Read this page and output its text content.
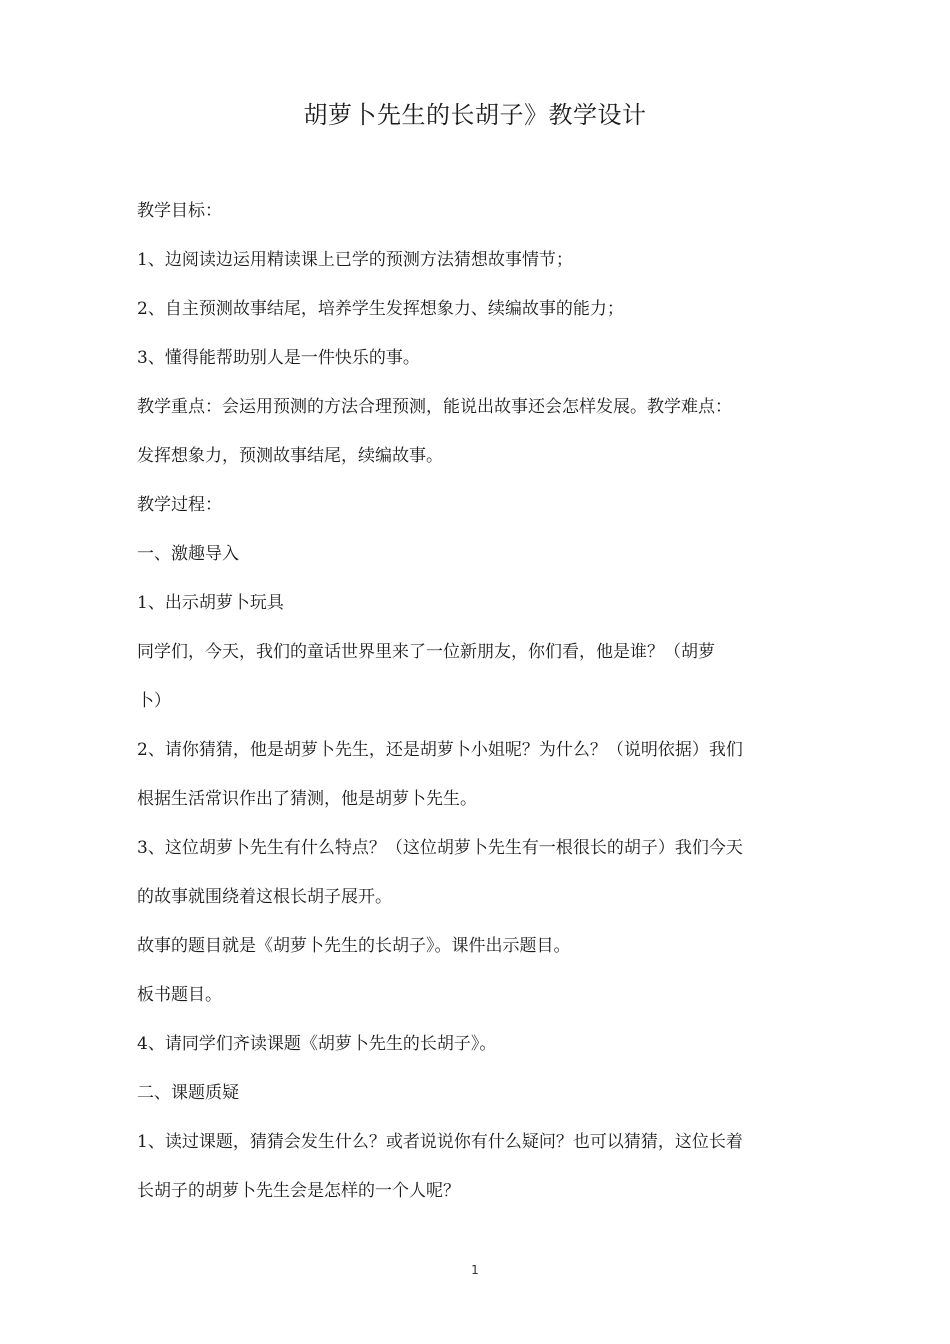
胡萝卜先生的长胡子》教学设计
教学目标：
1、边阅读边运用精读课上已学的预测方法猜想故事情节；
2、自主预测故事结尾，培养学生发挥想象力、续编故事的能力；
3、懂得能帮助别人是一件快乐的事。
教学重点：会运用预测的方法合理预测，能说出故事还会怎样发展。教学难点：
发挥想象力，预测故事结尾，续编故事。
教学过程：
一、激趣导入
1、出示胡萝卜玩具
同学们，今天，我们的童话世界里来了一位新朋友，你们看，他是谁？（胡萝
卜）
2、请你猜猜，他是胡萝卜先生，还是胡萝卜小姐呢？为什么？（说明依据）我们
根据生活常识作出了猜测，他是胡萝卜先生。
3、这位胡萝卜先生有什么特点？（这位胡萝卜先生有一根很长的胡子）我们今天
的故事就围绕着这根长胡子展开。
故事的题目就是《胡萝卜先生的长胡子》。课件出示题目。
板书题目。
4、请同学们齐读课题《胡萝卜先生的长胡子》。
二、课题质疑
1、读过课题，猜猜会发生什么？或者说说你有什么疑问？也可以猜猜，这位长着
长胡子的胡萝卜先生会是怎样的一个人呢？
1
